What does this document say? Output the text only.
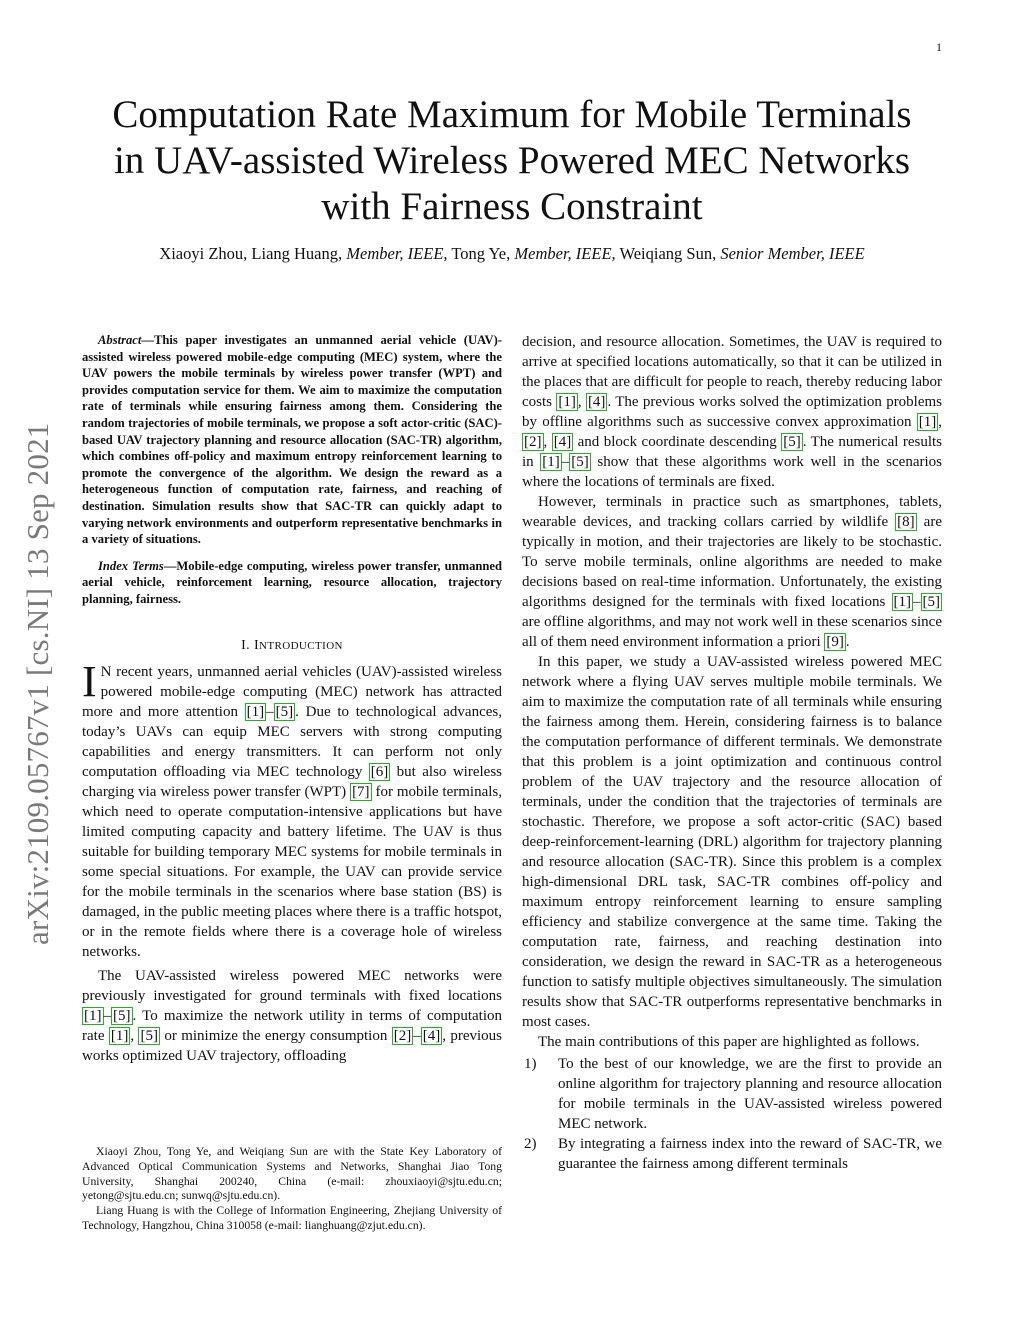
1
arXiv:2109.05767v1 [cs.NI] 13 Sep 2021
Computation Rate Maximum for Mobile Terminals
in UAV-assisted Wireless Powered MEC Networks
with Fairness Constraint
Xiaoyi Zhou, Liang Huang, Member, IEEE, Tong Ye, Member, IEEE, Weiqiang Sun, Senior Member, IEEE
Abstract—This paper investigates an unmanned aerial vehicle (UAV)-assisted wireless powered mobile-edge computing (MEC) system, where the UAV powers the mobile terminals by wireless power transfer (WPT) and provides computation service for them. We aim to maximize the computation rate of terminals while ensuring fairness among them. Considering the random trajectories of mobile terminals, we propose a soft actor-critic (SAC)-based UAV trajectory planning and resource allocation (SAC-TR) algorithm, which combines off-policy and maximum entropy reinforcement learning to promote the convergence of the algorithm. We design the reward as a heterogeneous function of computation rate, fairness, and reaching of destination. Simulation results show that SAC-TR can quickly adapt to varying network environments and outperform representative benchmarks in a variety of situations.
Index Terms—Mobile-edge computing, wireless power transfer, unmanned aerial vehicle, reinforcement learning, resource allocation, trajectory planning, fairness.
I. INTRODUCTION

I N recent years, unmanned aerial vehicles (UAV)-assisted wireless powered mobile-edge computing (MEC) network has attracted more and more attention [1] – [5] . Due to technological advances, today’s UAVs can equip MEC servers with strong computing capabilities and energy transmitters. It can perform not only computation offloading via MEC technology [6] but also wireless charging via wireless power transfer (WPT) [7] for mobile terminals, which need to operate computation-intensive applications but have limited computing capacity and battery lifetime. The UAV is thus suitable for building temporary MEC systems for mobile terminals in some special situations. For example, the UAV can provide service for the mobile terminals in the scenarios where base station (BS) is damaged, in the public meeting places where there is a traffic hotspot, or in the remote fields where there is a coverage hole of wireless networks.

The UAV-assisted wireless powered MEC networks were previously investigated for ground terminals with fixed locations [1] – [5] . To maximize the network utility in terms of computation rate [1] , [5] or minimize the energy consumption [2] – [4] , previous works optimized UAV trajectory, offloading

Xiaoyi Zhou, Tong Ye, and Weiqiang Sun are with the State Key Laboratory of Advanced Optical Communication Systems and Networks, Shanghai Jiao Tong University, Shanghai 200240, China (e-mail: zhouxiaoyi@sjtu.edu.cn; yetong@sjtu.edu.cn; sunwq@sjtu.edu.cn).

Liang Huang is with the College of Information Engineering, Zhejiang University of Technology, Hangzhou, China 310058 (e-mail: lianghuang@zjut.edu.cn).

decision, and resource allocation. Sometimes, the UAV is required to arrive at specified locations automatically, so that it can be utilized in the places that are difficult for people to reach, thereby reducing labor costs [1] , [4] . The previous works solved the optimization problems by offline algorithms such as successive convex approximation [1] , [2] , [4] and block coordinate descending [5] . The numerical results in [1] – [5] show that these algorithms work well in the scenarios where the locations of terminals are fixed.

However, terminals in practice such as smartphones, tablets, wearable devices, and tracking collars carried by wildlife [8] are typically in motion, and their trajectories are likely to be stochastic. To serve mobile terminals, online algorithms are needed to make decisions based on real-time information. Unfortunately, the existing algorithms designed for the terminals with fixed locations [1] – [5] are offline algorithms, and may not work well in these scenarios since all of them need environment information a priori [9] .

In this paper, we study a UAV-assisted wireless powered MEC network where a flying UAV serves multiple mobile terminals. We aim to maximize the computation rate of all terminals while ensuring the fairness among them. Herein, considering fairness is to balance the computation performance of different terminals. We demonstrate that this problem is a joint optimization and continuous control problem of the UAV trajectory and the resource allocation of terminals, under the condition that the trajectories of terminals are stochastic. Therefore, we propose a soft actor-critic (SAC) based deep-reinforcement-learning (DRL) algorithm for trajectory planning and resource allocation (SAC-TR). Since this problem is a complex high-dimensional DRL task, SAC-TR combines off-policy and maximum entropy reinforcement learning to ensure sampling efficiency and stabilize convergence at the same time. Taking the computation rate, fairness, and reaching destination into consideration, we design the reward in SAC-TR as a heterogeneous function to satisfy multiple objectives simultaneously. The simulation results show that SAC-TR outperforms representative benchmarks in most cases.

The main contributions of this paper are highlighted as follows.

1) To the best of our knowledge, we are the first to provide an online algorithm for trajectory planning and resource allocation for mobile terminals in the UAV-assisted wireless powered MEC network.
2) By integrating a fairness index into the reward of SAC-TR, we guarantee the fairness among different terminals
